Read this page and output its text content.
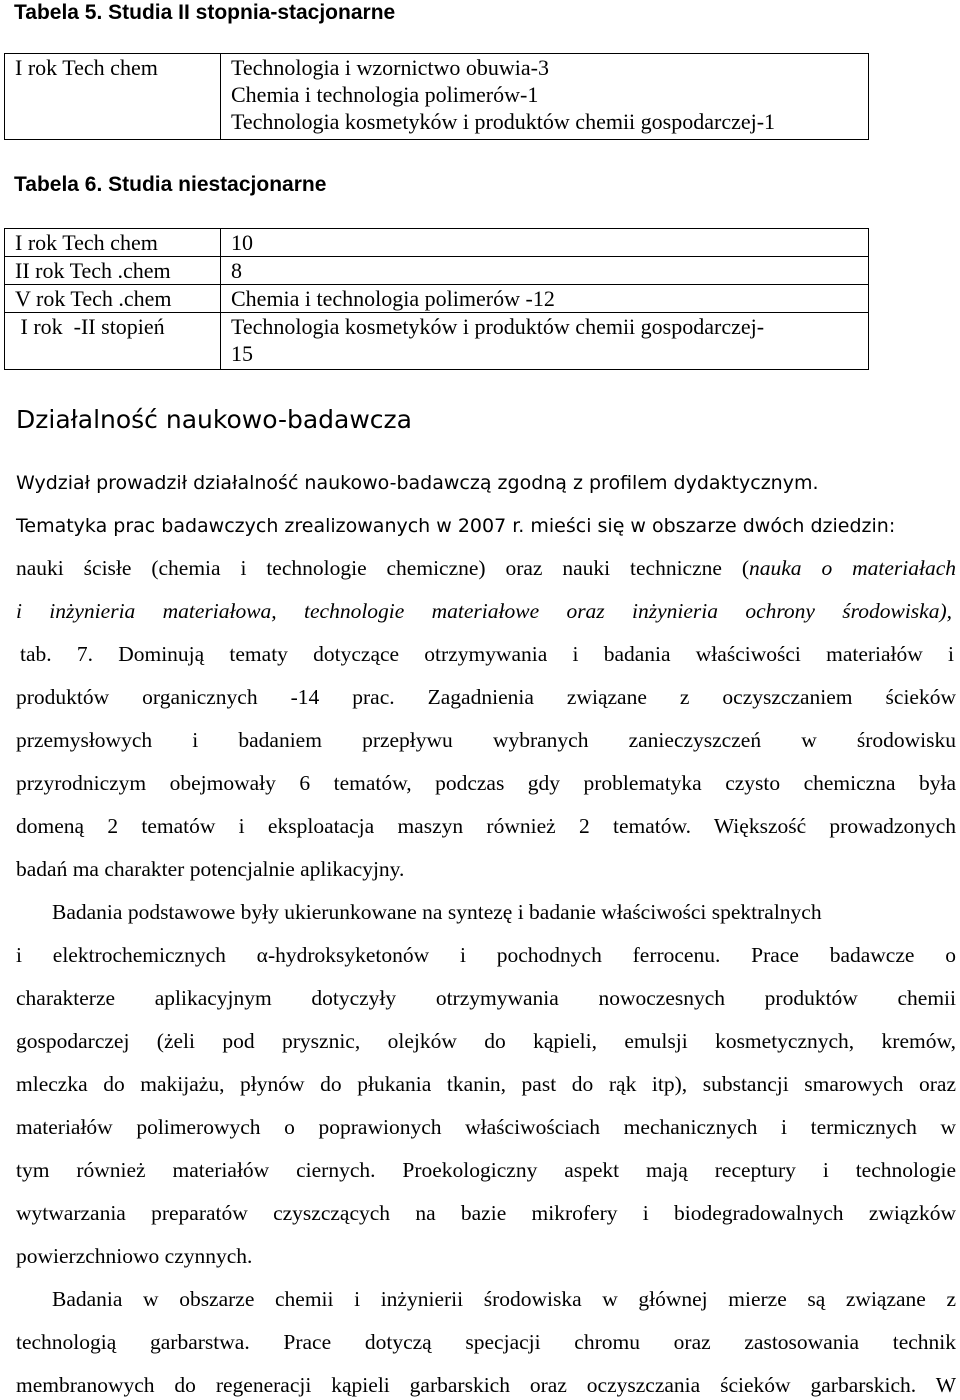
Tabela 5. Studia II stopnia-stacjonarne
I rok Tech chem	Technologia i wzornictwo obuwia-3
Chemia i technologia polimerów-1
Technologia kosmetyków i produktów chemii gospodarczej-1
Tabela 6. Studia niestacjonarne
I rok Tech chem	10

II rok Tech .chem	8

V rok Tech .chem	Chemia i technologia polimerów -12

I rok  -II stopień	Technologia kosmetyków i produktów chemii gospodarczej-
15
Działalność naukowo-badawcza
Wydział prowadził działalność naukowo-badawczą zgodną z profilem dydaktycznym.
Tematyka prac badawczych zrealizowanych w 2007 r. mieści się w obszarze dwóch dziedzin:
nauki ścisłe (chemia i technologie chemiczne) oraz nauki techniczne (nauka o materiałach
i inżynieria materiałowa, technologie materiałowe oraz inżynieria ochrony środowiska),
tab. 7. Dominują tematy dotyczące otrzymywania i badania właściwości materiałów i
produktów organicznych -14 prac. Zagadnienia związane z oczyszczaniem ścieków
przemysłowych i badaniem przepływu wybranych zanieczyszczeń w środowisku
przyrodniczym obejmowały 6 tematów, podczas gdy problematyka czysto chemiczna była
domeną 2 tematów i eksploatacja maszyn również 2 tematów. Większość prowadzonych
badań ma charakter potencjalnie aplikacyjny.
Badania podstawowe były ukierunkowane na syntezę i badanie właściwości spektralnych
i elektrochemicznych α-hydroksyketonów i pochodnych ferrocenu. Prace badawcze o
charakterze aplikacyjnym dotyczyły otrzymywania nowoczesnych produktów chemii
gospodarczej (żeli pod prysznic, olejków do kąpieli, emulsji kosmetycznych, kremów,
mleczka do makijażu, płynów do płukania tkanin, past do rąk itp), substancji smarowych oraz
materiałów polimerowych o poprawionych właściwościach mechanicznych i termicznych w
tym również materiałów ciernych. Proekologiczny aspekt mają receptury i technologie
wytwarzania preparatów czyszczących na bazie mikrofery i biodegradowalnych związków
powierzchniowo czynnych.
Badania w obszarze chemii i inżynierii środowiska w głównej mierze są związane z
technologią garbarstwa. Prace dotyczą specjacji chromu oraz zastosowania technik
membranowych do regeneracji kąpieli garbarskich oraz oczyszczania ścieków garbarskich. W
